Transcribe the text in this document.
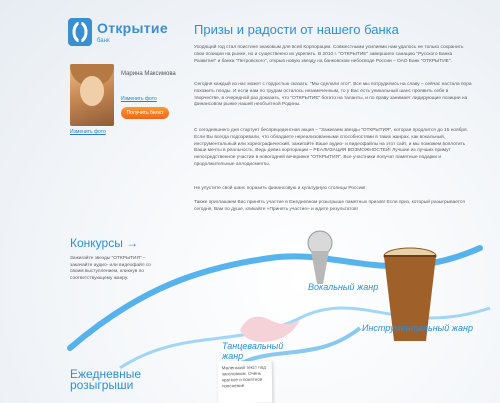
Открытие
банк
Изменить фото
Марина Максимова
Изменить фото
Получить билет
Призы и радости от нашего банка

Уходящий год стал поистине знаковым для всей Корпорации. Совместными усилиями нам удалось не только сохранить свои позиции на рынке, но и существенно их укрепить. В 2010 г. "ОТКРЫТИЕ" завершило санацию "Русского Банка Развития" и банка "Петровского", открыв новую звезду на банковском небосводе России – ОАО Банк "ОТКРЫТИЕ".

Сегодня каждый из нас может с гордостью сказать: "Мы сделали это!". Все мы потрудились на славу – сейчас настала пора похожить плоды. И если нам по трудам осталось незамеченным, то у Вас есть уникальный шанс проявить себя в творчестве, в очередной раз доказать, что "ОТКРЫТИЕ" богато на таланты, и по праву занимает лидирующие позиции на финансовом рынке нашей необъятной Родины.

С сегодняшнего дня стартует беспрецедентная акция – "Зажигаем звезды "ОТКРЫТИЯ", которая продлится до 15 ноября. Если Вы всегда подозревали, что обладаете нереализованными способностями в таких жанрах, как вокальный, инструментальный или хореографический, зажигайте Ваше аудио- и видеофайлы на этот сайт, и мы поможем воплотить Ваши мечты в реальность. Ведь девиз корпорации – РЕАЛИЗАЦИЯ ВОЗМОЖНОСТЕЙ! Лучшие из лучших примут непосредственное участие в новогодней вечеринке "ОТКРЫТИЯ". Все участники получат памятные подарки и продолжительные аплодисменты.

Не упустите свой шанс поразить финансовую и культурную столицы России!

Также приглашаем Вас принять участие в Ежедневном розыгрыше памятных призов! Если приз, который разыгрывается сегодня, Вам по душе, кликайте «Принять участие» и ждите результатов!

Вокальный жанр
Инструментальный жанр
Танцевальный жанр
Маленький текст под заголовком. Очень краткое и понятное пояснение
Конкурсы →
Зажигайте звезды "ОТКРЫТИЯ" – закачайте аудио- или видеофайл со своим выступлением, кликнув по соответствующему жанру.
Ежедневные розыгрыши
